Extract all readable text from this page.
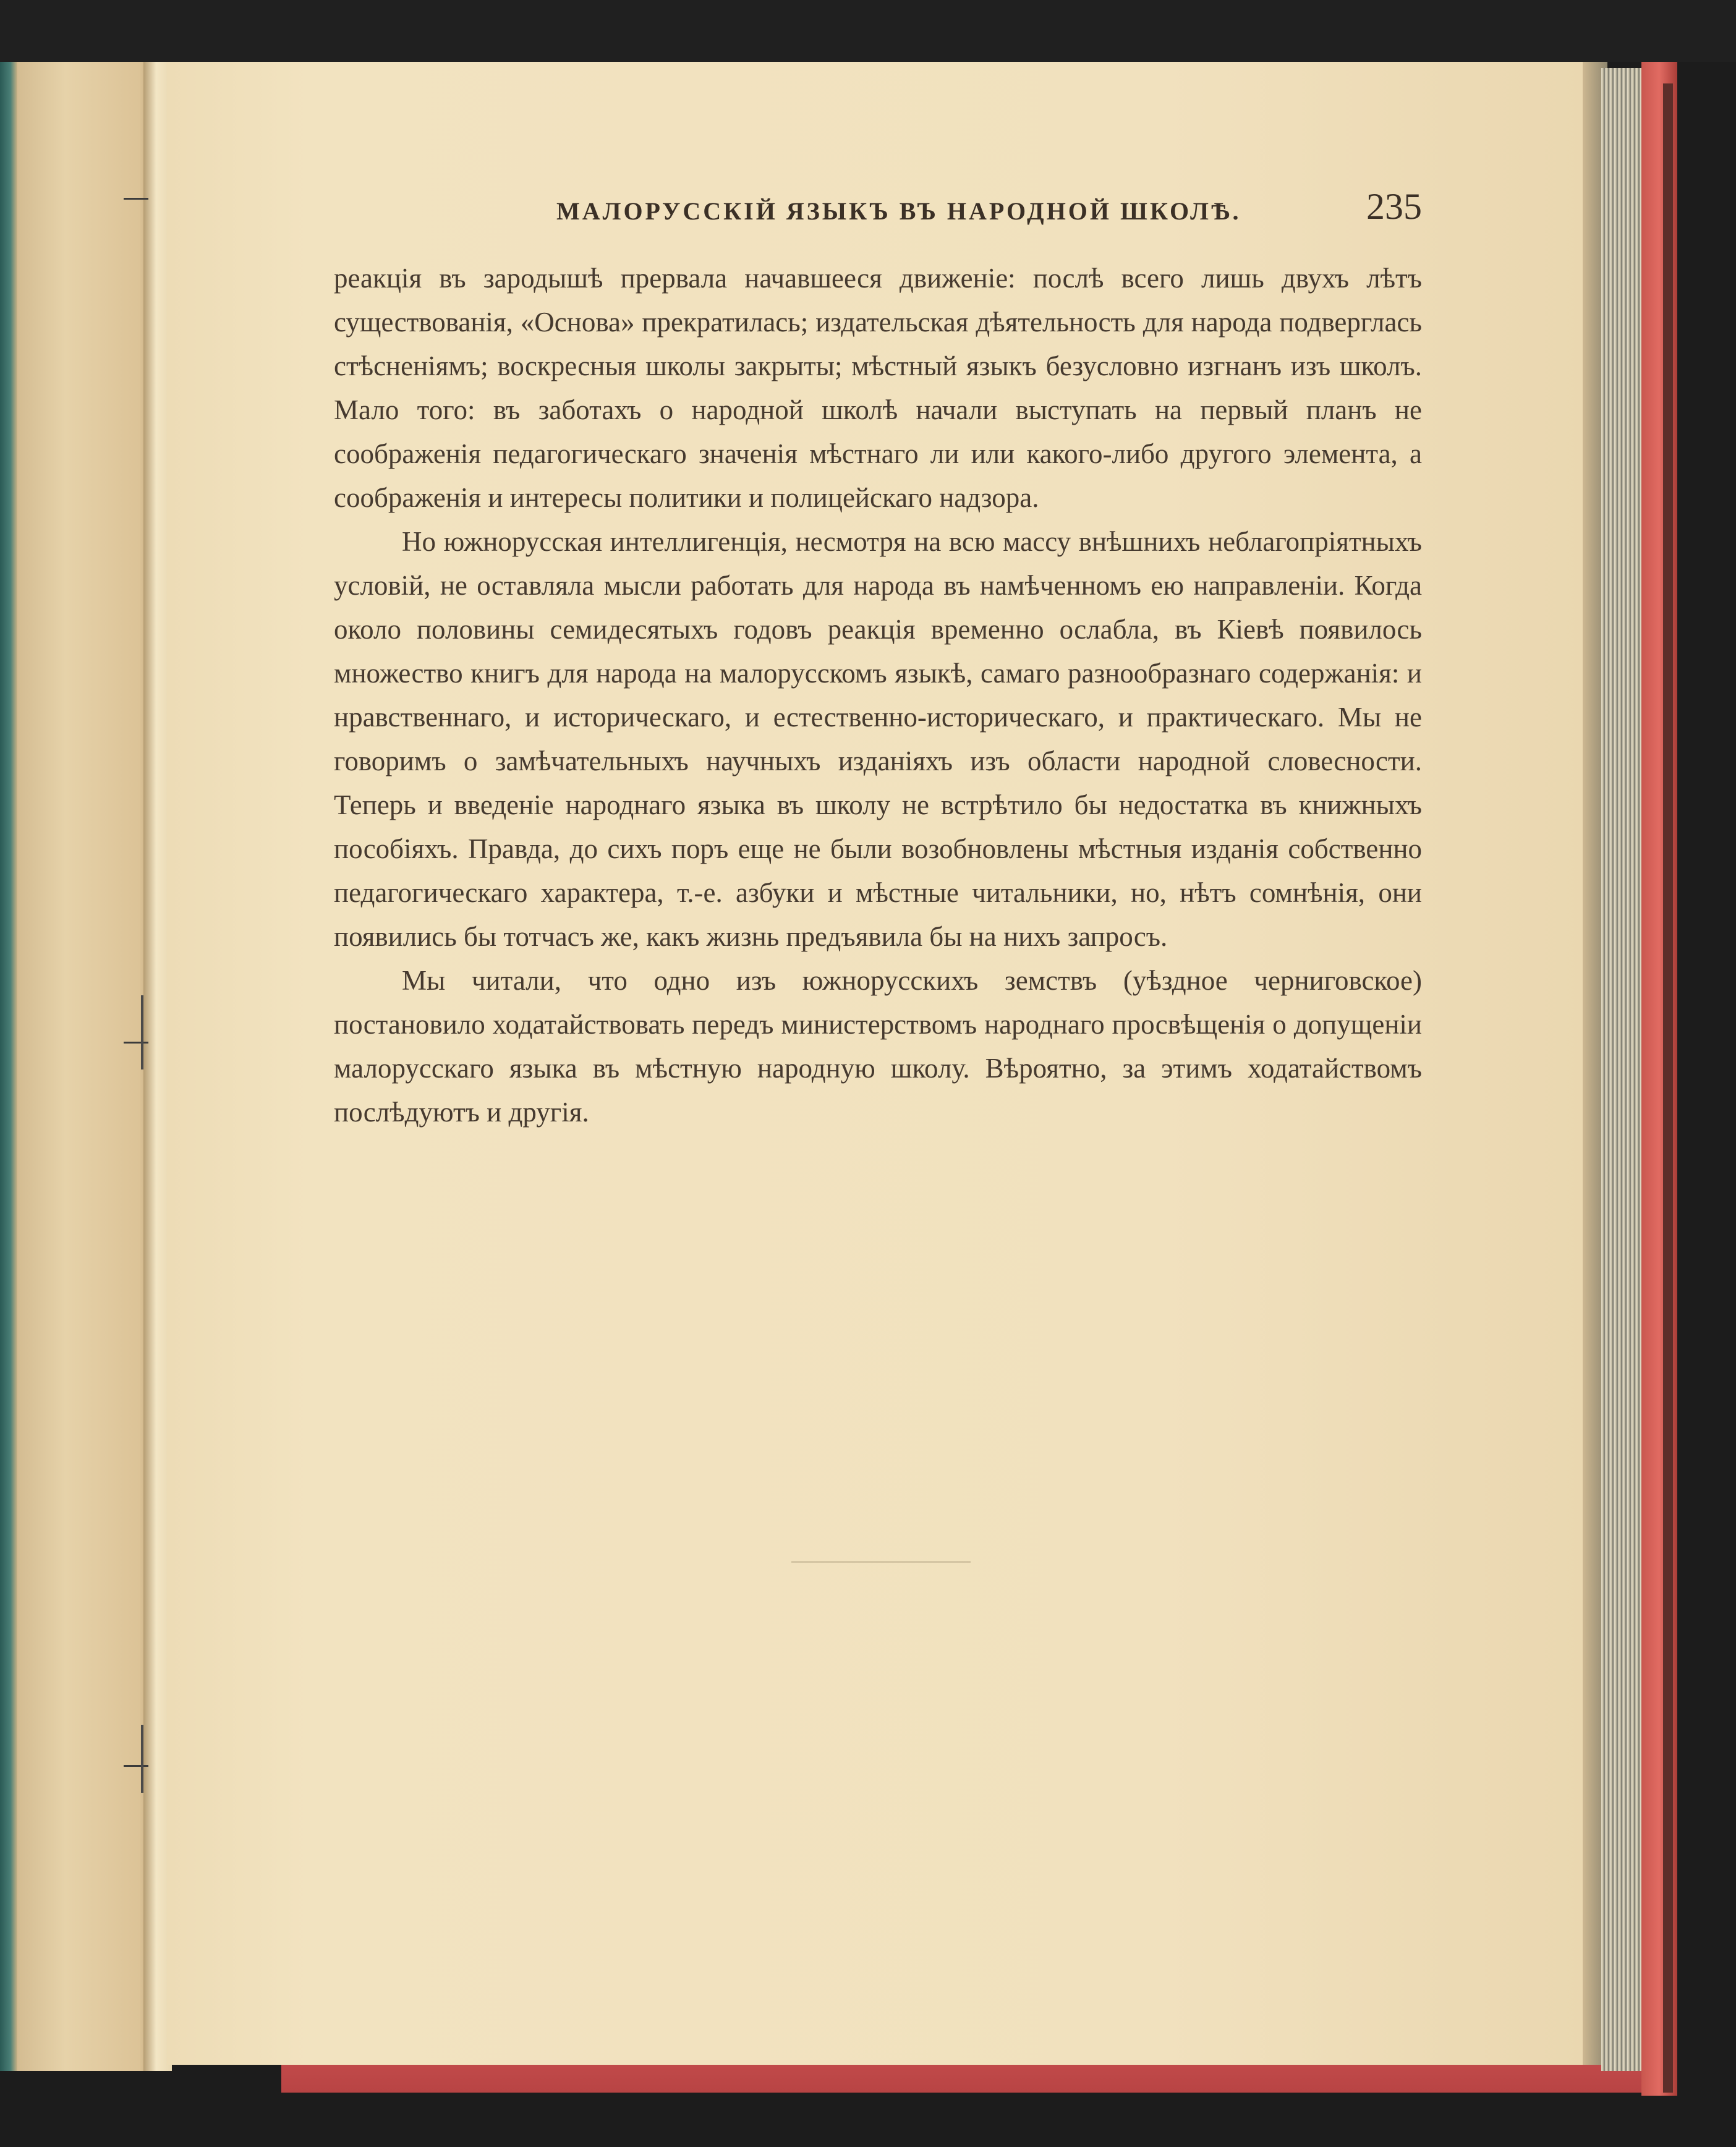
МАЛОРУССКІЙ ЯЗЫКЪ ВЪ НАРОДНОЙ ШКОЛѢ.	235

реакція въ зародышѣ прервала начавшееся движеніе: послѣ всего лишь двухъ лѣтъ существованія, «Основа» прекратилась; издательская дѣятельность для народа подверглась стѣсненіямъ; воскресныя школы закрыты; мѣстный языкъ безусловно изгнанъ изъ школъ. Мало того: въ заботахъ о народной школѣ начали выступать на первый планъ не соображенія педагогическаго значенія мѣстнаго ли или какого-либо другого элемента, а соображенія и интересы политики и полицейскаго надзора.

Но южнорусская интеллигенція, несмотря на всю массу внѣшнихъ неблагопріятныхъ условій, не оставляла мысли работать для народа въ намѣченномъ ею направленіи. Когда около половины семидесятыхъ годовъ реакція временно ослабла, въ Кіевѣ появилось множество книгъ для народа на малорусскомъ языкѣ, самаго разнообразнаго содержанія: и нравственнаго, и историческаго, и естественно-историческаго, и практическаго. Мы не говоримъ о замѣчательныхъ научныхъ изданіяхъ изъ области народной словесности. Теперь и введеніе народнаго языка въ школу не встрѣтило бы недостатка въ книжныхъ пособіяхъ. Правда, до сихъ поръ еще не были возобновлены мѣстныя изданія собственно педагогическаго характера, т.-е. азбуки и мѣстные читальники, но, нѣтъ сомнѣнія, они появились бы тотчасъ же, какъ жизнь предъявила бы на нихъ запросъ.

Мы читали, что одно изъ южнорусскихъ земствъ (уѣздное черниговское) постановило ходатайствовать передъ министерствомъ народнаго просвѣщенія о допущеніи малорусскаго языка въ мѣстную народную школу. Вѣроятно, за этимъ ходатайствомъ послѣдуютъ и другія.
